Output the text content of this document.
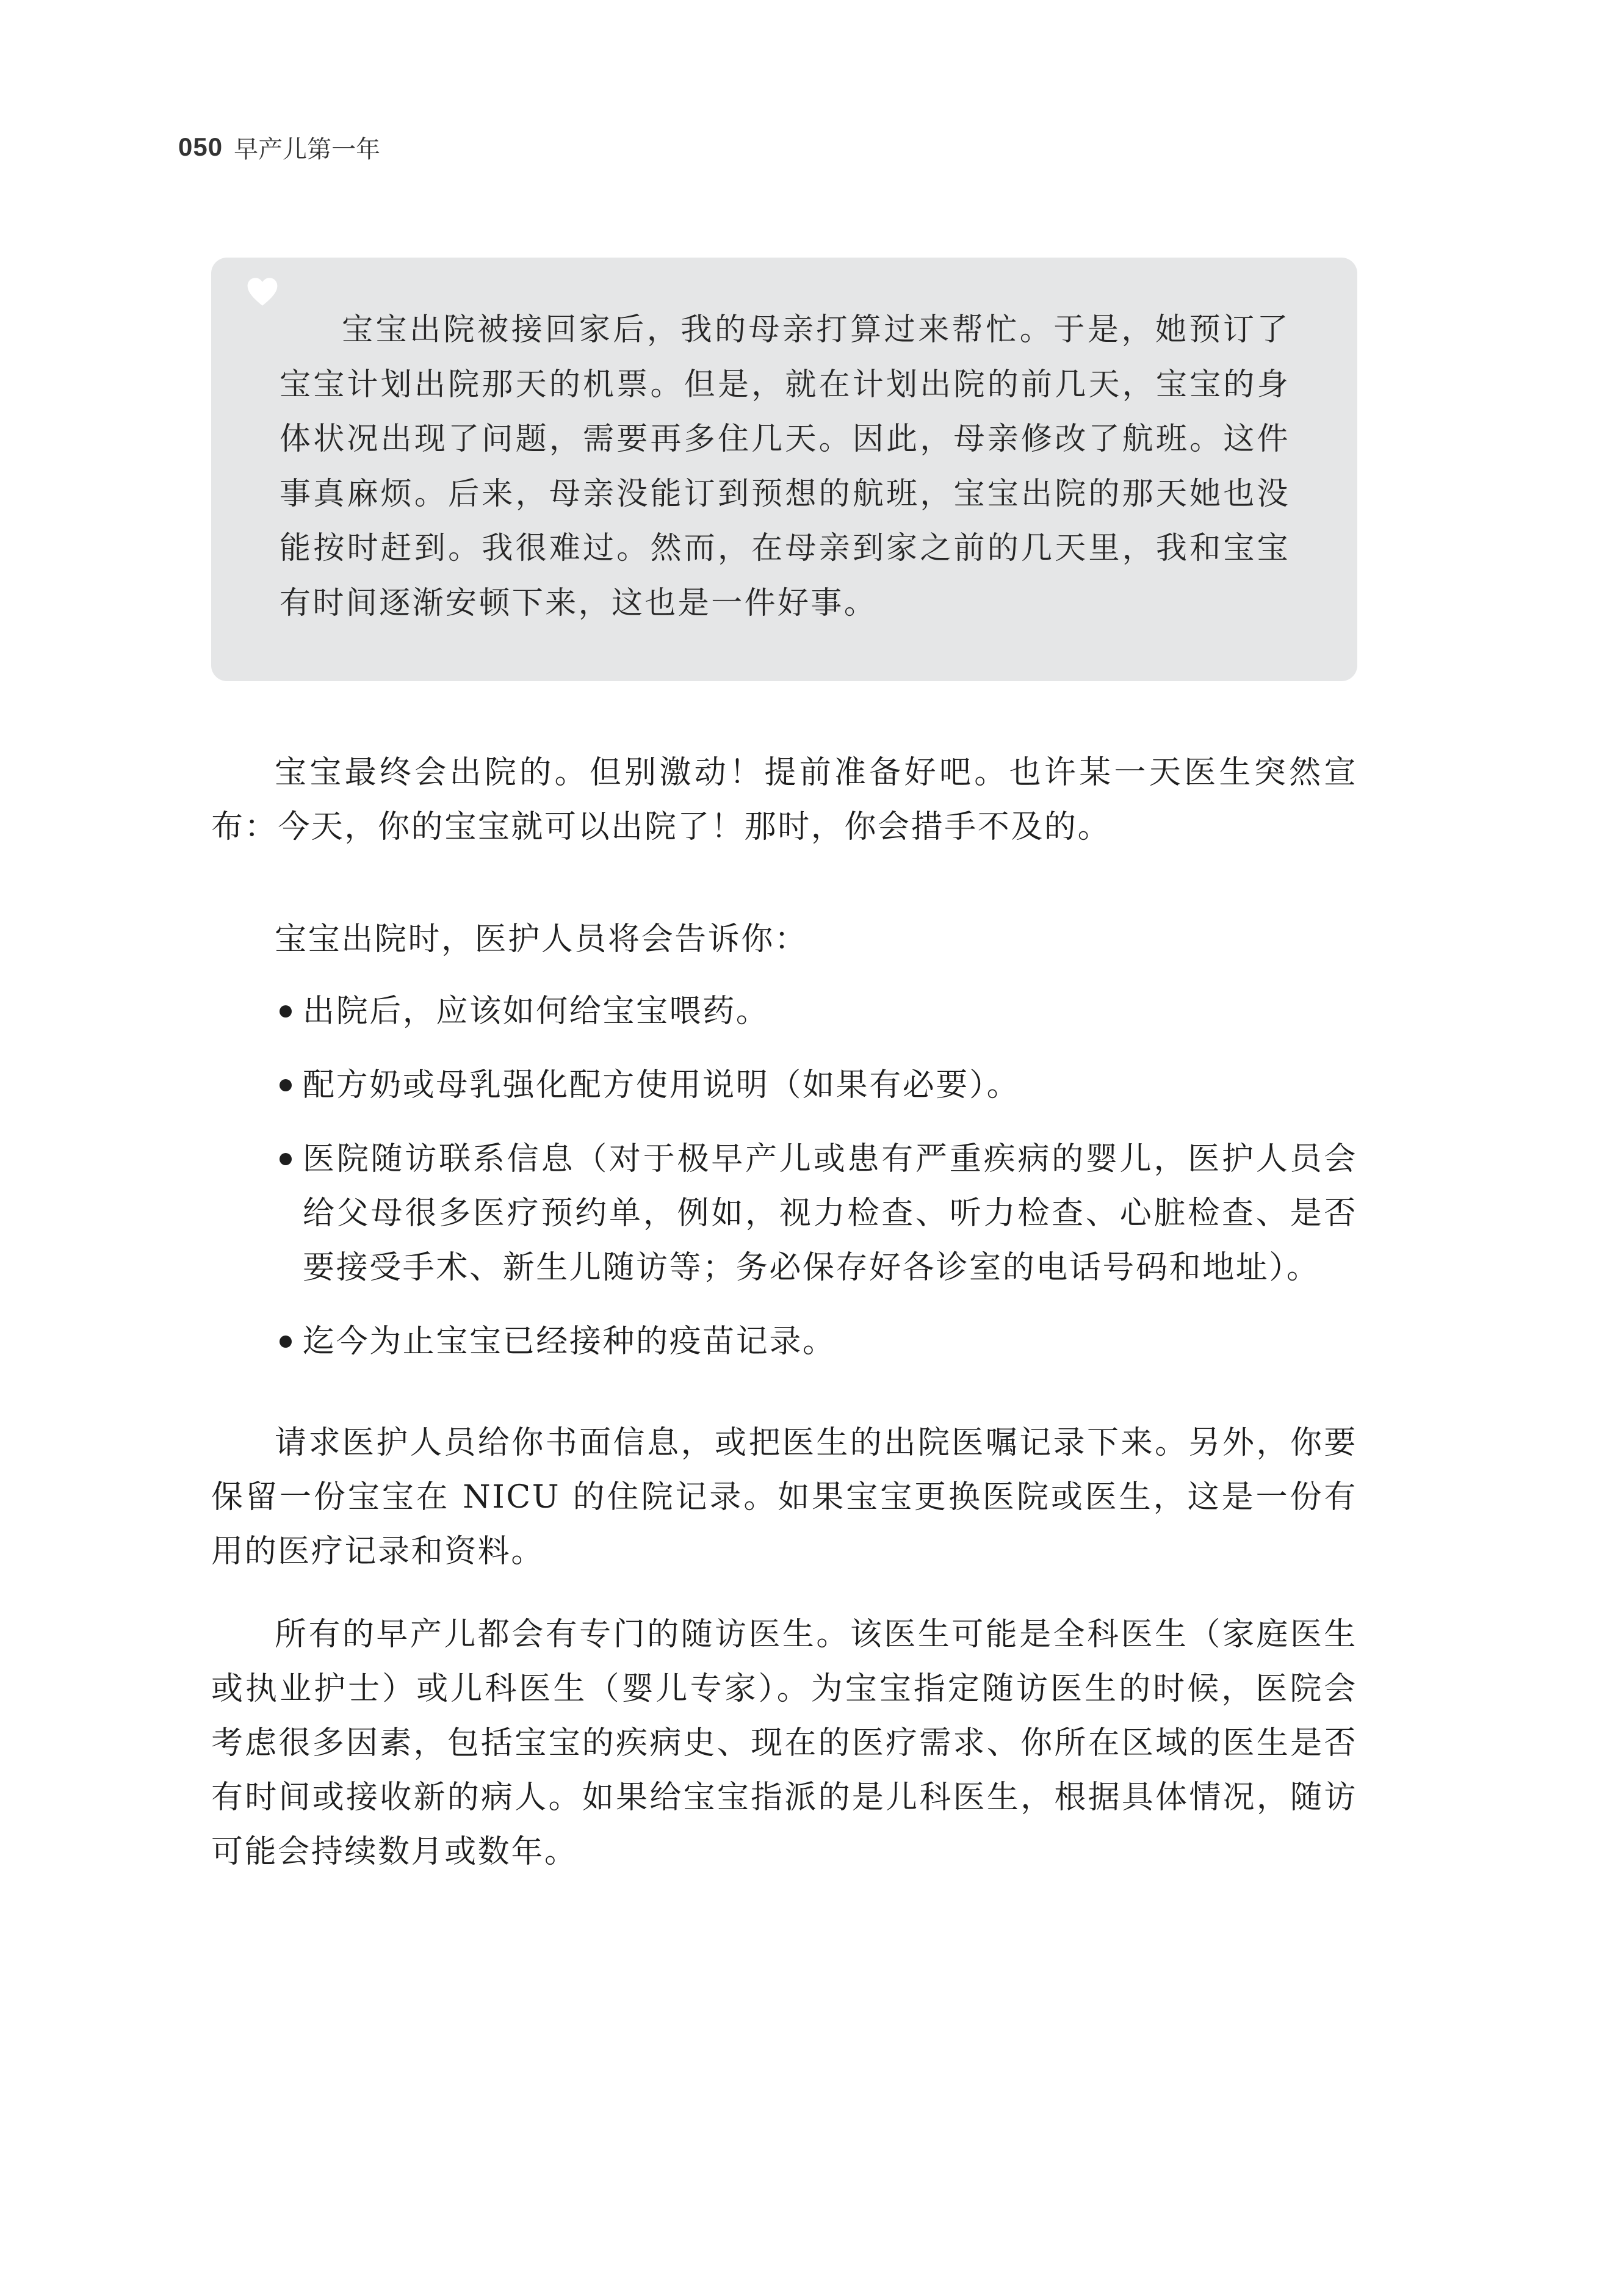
050 早产儿第一年

宝宝出院被接回家后，我的母亲打算过来帮忙。于是，她预订了宝宝计划出院那天的机票。但是，就在计划出院的前几天，宝宝的身体状况出现了问题，需要再多住几天。因此，母亲修改了航班。这件事真麻烦。后来，母亲没能订到预想的航班，宝宝出院的那天她也没能按时赶到。我很难过。然而，在母亲到家之前的几天里，我和宝宝有时间逐渐安顿下来，这也是一件好事。

宝宝最终会出院的。但别激动！提前准备好吧。也许某一天医生突然宣布：今天，你的宝宝就可以出院了！那时，你会措手不及的。

宝宝出院时，医护人员将会告诉你：

出院后，应该如何给宝宝喂药。
配方奶或母乳强化配方使用说明（如果有必要）。
医院随访联系信息（对于极早产儿或患有严重疾病的婴儿，医护人员会给父母很多医疗预约单，例如，视力检查、听力检查、心脏检查、是否要接受手术、新生儿随访等；务必保存好各诊室的电话号码和地址）。
迄今为止宝宝已经接种的疫苗记录。

请求医护人员给你书面信息，或把医生的出院医嘱记录下来。另外，你要保留一份宝宝在 NICU 的住院记录。如果宝宝更换医院或医生，这是一份有用的医疗记录和资料。

所有的早产儿都会有专门的随访医生。该医生可能是全科医生（家庭医生或执业护士）或儿科医生（婴儿专家）。为宝宝指定随访医生的时候，医院会考虑很多因素，包括宝宝的疾病史、现在的医疗需求、你所在区域的医生是否有时间或接收新的病人。如果给宝宝指派的是儿科医生，根据具体情况，随访可能会持续数月或数年。
